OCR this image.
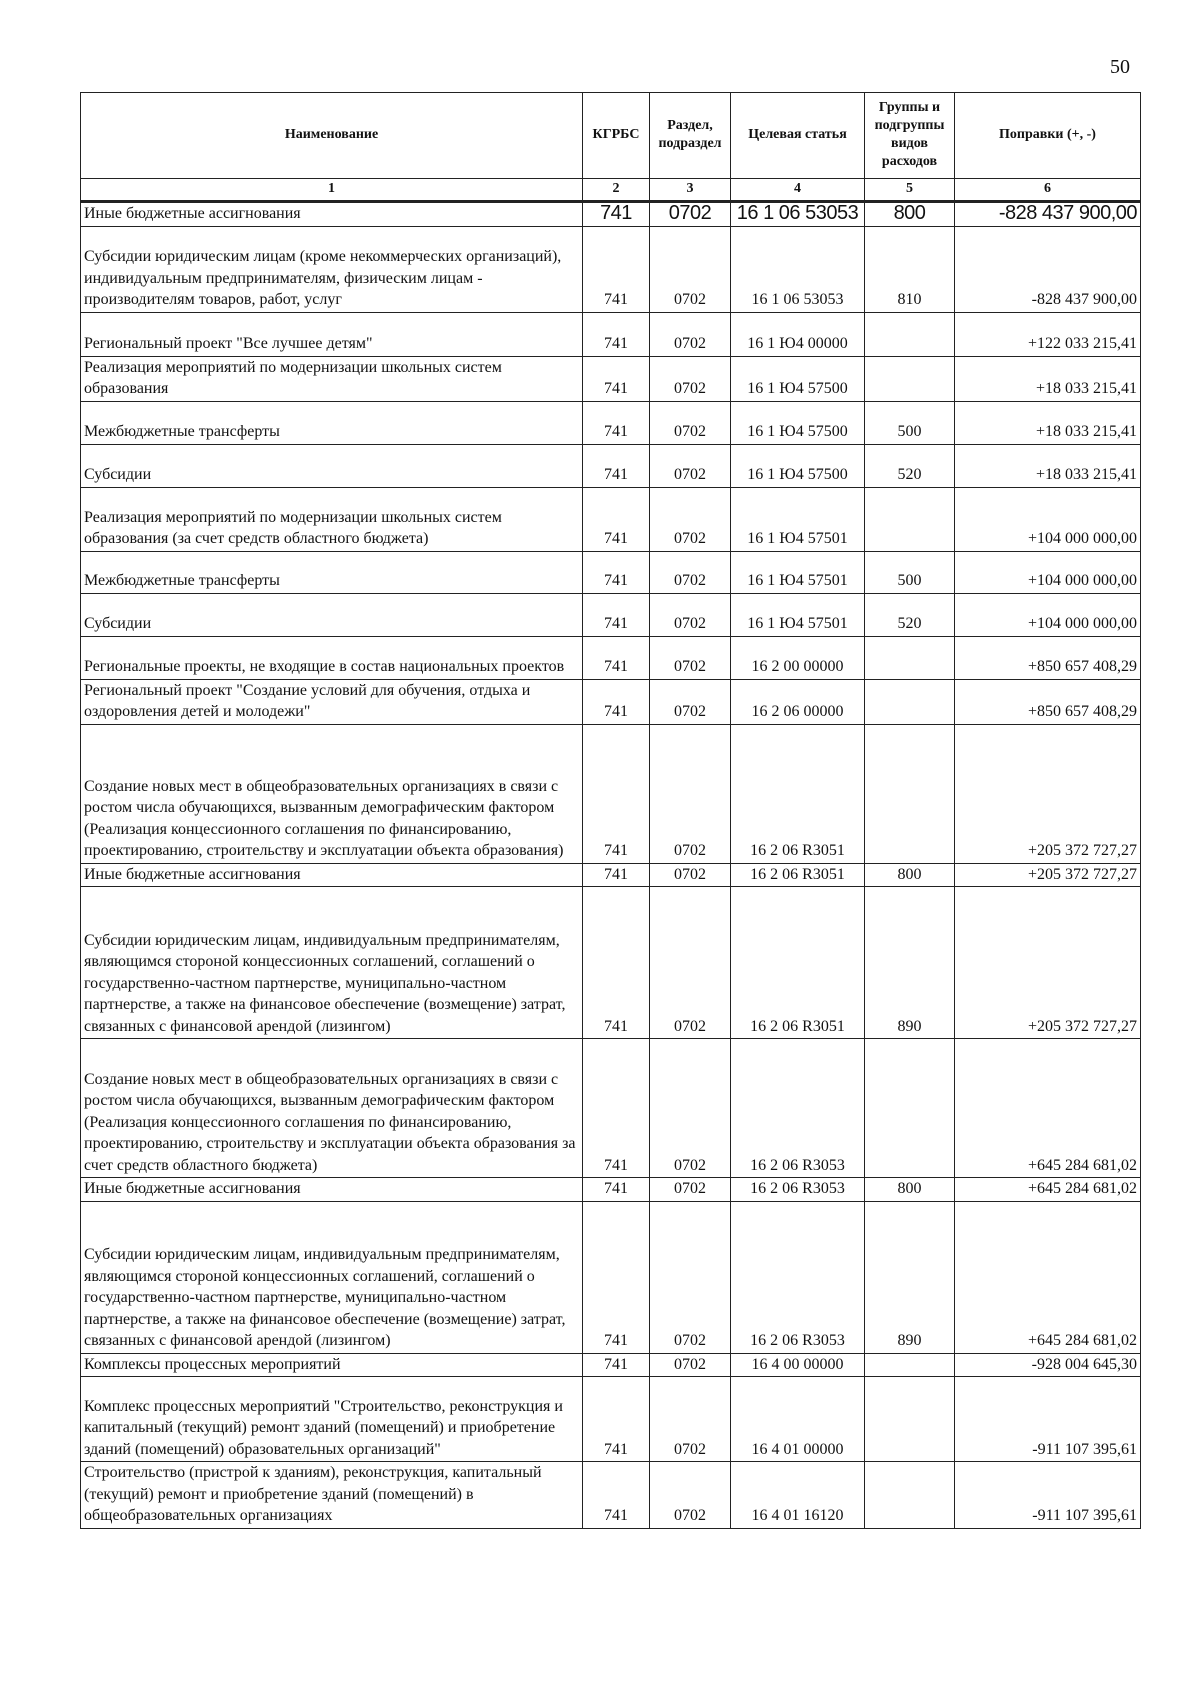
50
Наименование	КГРБС	Раздел, подраздел	Целевая статья	Группы и подгруппы видов расходов	Поправки (+, -)
1	2	3	4	5	6
Иные бюджетные ассигнования	741	0702	16 1 06 53053	800	-828 437 900,00
Субсидии юридическим лицам (кроме некоммерческих организаций), индивидуальным предпринимателям, физическим лицам - производителям товаров, работ, услуг	741	0702	16 1 06 53053	810	-828 437 900,00
Региональный проект "Все лучшее детям"	741	0702	16 1 Ю4 00000		+122 033 215,41
Реализация мероприятий по модернизации школьных систем образования	741	0702	16 1 Ю4 57500		+18 033 215,41
Межбюджетные трансферты	741	0702	16 1 Ю4 57500	500	+18 033 215,41
Субсидии	741	0702	16 1 Ю4 57500	520	+18 033 215,41
Реализация мероприятий по модернизации школьных систем образования (за счет средств областного бюджета)	741	0702	16 1 Ю4 57501		+104 000 000,00
Межбюджетные трансферты	741	0702	16 1 Ю4 57501	500	+104 000 000,00
Субсидии	741	0702	16 1 Ю4 57501	520	+104 000 000,00
Региональные проекты, не входящие в состав национальных проектов	741	0702	16 2 00 00000		+850 657 408,29
Региональный проект "Создание условий для обучения, отдыха и оздоровления детей и молодежи"	741	0702	16 2 06 00000		+850 657 408,29
Создание новых мест в общеобразовательных организациях в связи с ростом числа обучающихся, вызванным демографическим фактором (Реализация концессионного соглашения по финансированию, проектированию, строительству и эксплуатации объекта образования)	741	0702	16 2 06 R3051		+205 372 727,27
Иные бюджетные ассигнования	741	0702	16 2 06 R3051	800	+205 372 727,27
Субсидии юридическим лицам, индивидуальным предпринимателям, являющимся стороной концессионных соглашений, соглашений о государственно-частном партнерстве, муниципально-частном партнерстве, а также на финансовое обеспечение (возмещение) затрат, связанных с финансовой арендой (лизингом)	741	0702	16 2 06 R3051	890	+205 372 727,27
Создание новых мест в общеобразовательных организациях в связи с ростом числа обучающихся, вызванным демографическим фактором (Реализация концессионного соглашения по финансированию, проектированию, строительству и эксплуатации объекта образования за счет средств областного бюджета)	741	0702	16 2 06 R3053		+645 284 681,02
Иные бюджетные ассигнования	741	0702	16 2 06 R3053	800	+645 284 681,02
Субсидии юридическим лицам, индивидуальным предпринимателям, являющимся стороной концессионных соглашений, соглашений о государственно-частном партнерстве, муниципально-частном партнерстве, а также на финансовое обеспечение (возмещение) затрат, связанных с финансовой арендой (лизингом)	741	0702	16 2 06 R3053	890	+645 284 681,02
Комплексы процессных мероприятий	741	0702	16 4 00 00000		-928 004 645,30
Комплекс процессных мероприятий "Строительство, реконструкция и капитальный (текущий) ремонт зданий (помещений) и приобретение зданий (помещений) образовательных организаций"	741	0702	16 4 01 00000		-911 107 395,61
Строительство (пристрой к зданиям), реконструкция, капитальный (текущий) ремонт и приобретение зданий (помещений) в общеобразовательных организациях	741	0702	16 4 01 16120		-911 107 395,61
